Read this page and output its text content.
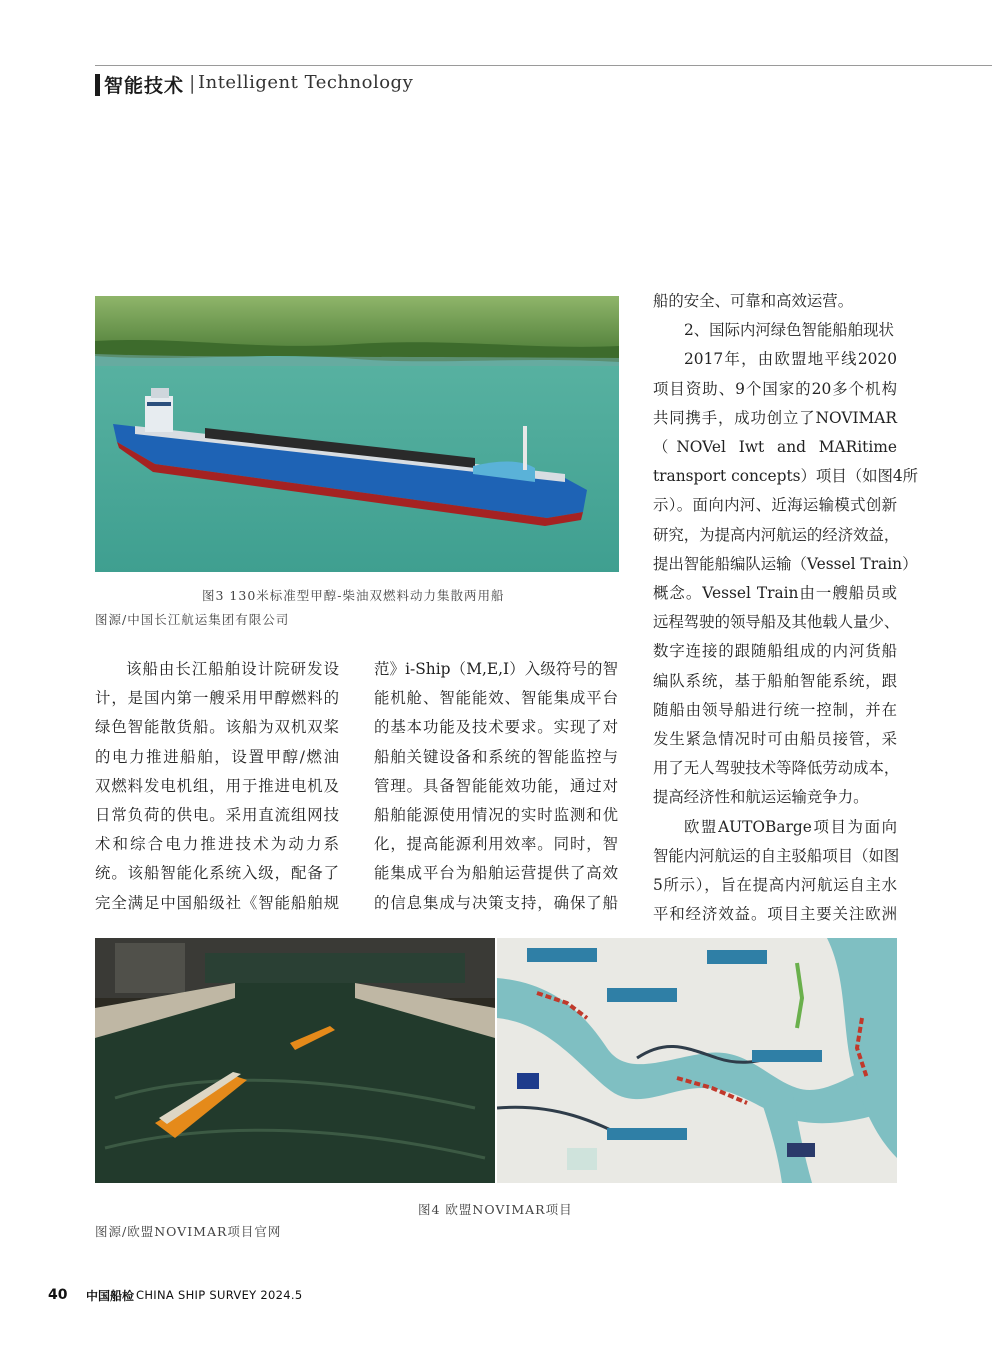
智能技术 | Intelligent Technology
图3 130米标准型甲醇-柴油双燃料动力集散两用船
图源/中国长江航运集团有限公司

该船由长江船舶设计院研发设

计，是国内第一艘采用甲醇燃料的

绿色智能散货船。该船为双机双桨

的电力推进船舶，设置甲醇/燃油

双燃料发电机组，用于推进电机及

日常负荷的供电。采用直流组网技

术和综合电力推进技术为动力系

统。该船智能化系统入级，配备了

完全满足中国船级社《智能船舶规

范》i-Ship（M,E,I）入级符号的智

能机舱、智能能效、智能集成平台

的基本功能及技术要求。实现了对

船舶关键设备和系统的智能监控与

管理。具备智能能效功能，通过对

船舶能源使用情况的实时监测和优

化，提高能源利用效率。同时，智

能集成平台为船舶运营提供了高效

的信息集成与决策支持，确保了船

船的安全、可靠和高效运营。

2、国际内河绿色智能船舶现状

2017年，由欧盟地平线2020

项目资助、9个国家的20多个机构

共同携手，成功创立了NOVIMAR

（NOVel Iwt and MARitime

transport concepts）项目（如图4所

示）。面向内河、近海运输模式创新

研究，为提高内河航运的经济效益，

提出智能船编队运输（Vessel Train）

概念。Vessel Train由一艘船员或

远程驾驶的领导船及其他载人量少、

数字连接的跟随船组成的内河货船

编队系统，基于船舶智能系统，跟

随船由领导船进行统一控制，并在

发生紧急情况时可由船员接管，采

用了无人驾驶技术等降低劳动成本，

提高经济性和航运运输竞争力。

欧盟AUTOBarge项目为面向

智能内河航运的自主驳船项目（如图

5所示），旨在提高内河航运自主水

平和经济效益。项目主要关注欧洲

图4 欧盟NOVIMAR项目
图源/欧盟NOVIMAR项目官网
40 中国船检 CHINA SHIP SURVEY 2024.5
